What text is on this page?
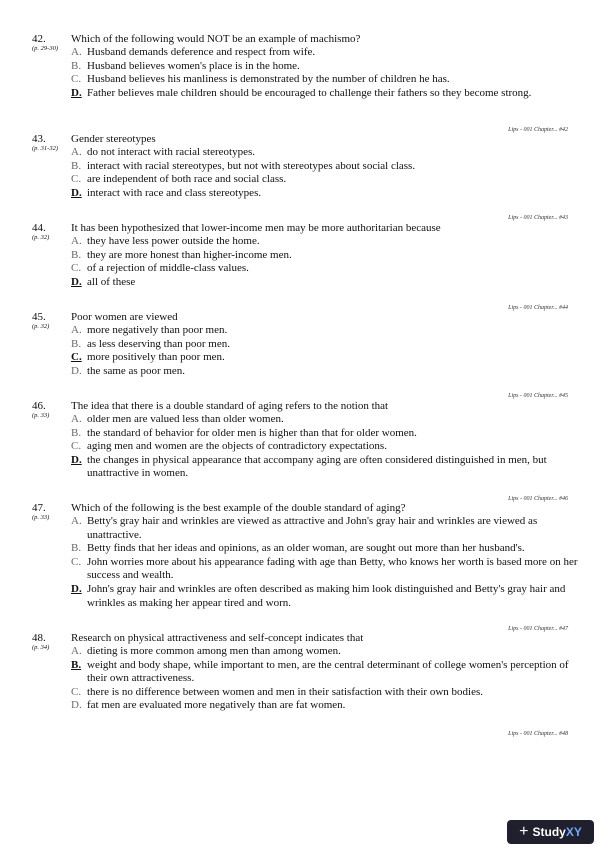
42.
(p. 29-30)
Which of the following would NOT be an example of machismo?
A. Husband demands deference and respect from wife.
B. Husband believes women's place is in the home.
C. Husband believes his manliness is demonstrated by the number of children he has.
D. Father believes male children should be encouraged to challenge their fathers so they become strong.
Lips - 001 Chapter... #42
43.
(p. 31-32)
Gender stereotypes
A. do not interact with racial stereotypes.
B. interact with racial stereotypes, but not with stereotypes about social class.
C. are independent of both race and social class.
D. interact with race and class stereotypes.
Lips - 001 Chapter... #43
44.
(p. 32)
It has been hypothesized that lower-income men may be more authoritarian because
A. they have less power outside the home.
B. they are more honest than higher-income men.
C. of a rejection of middle-class values.
D. all of these
Lips - 001 Chapter... #44
45.
(p. 32)
Poor women are viewed
A. more negatively than poor men.
B. as less deserving than poor men.
C. more positively than poor men.
D. the same as poor men.
Lips - 001 Chapter... #45
46.
(p. 33)
The idea that there is a double standard of aging refers to the notion that
A. older men are valued less than older women.
B. the standard of behavior for older men is higher than that for older women.
C. aging men and women are the objects of contradictory expectations.
D. the changes in physical appearance that accompany aging are often considered distinguished in men, but unattractive in women.
Lips - 001 Chapter... #46
47.
(p. 33)
Which of the following is the best example of the double standard of aging?
A. Betty's gray hair and wrinkles are viewed as attractive and John's gray hair and wrinkles are viewed as unattractive.
B. Betty finds that her ideas and opinions, as an older woman, are sought out more than her husband's.
C. John worries more about his appearance fading with age than Betty, who knows her worth is based more on her success and wealth.
D. John's gray hair and wrinkles are often described as making him look distinguished and Betty's gray hair and wrinkles as making her appear tired and worn.
Lips - 001 Chapter... #47
48.
(p. 34)
Research on physical attractiveness and self-concept indicates that
A. dieting is more common among men than among women.
B. weight and body shape, while important to men, are the central determinant of college women's perception of their own attractiveness.
C. there is no difference between women and men in their satisfaction with their own bodies.
D. fat men are evaluated more negatively than are fat women.
Lips - 001 Chapter... #48
+ Study XY
